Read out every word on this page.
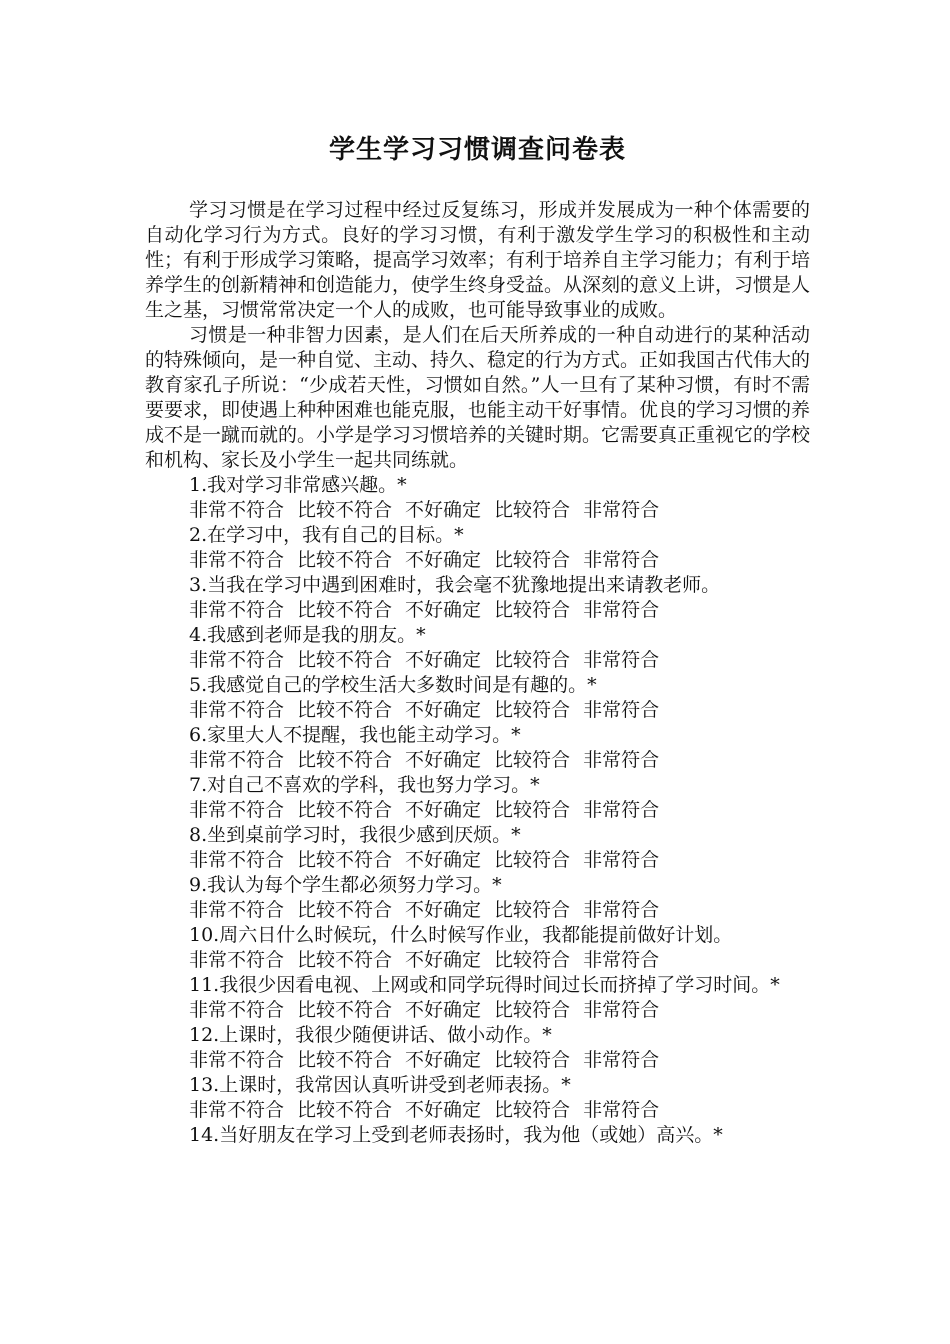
学生学习习惯调查问卷表

学习习惯是在学习过程中经过反复练习，形成并发展成为一种个体需要的自动化学习行为方式。良好的学习习惯，有利于激发学生学习的积极性和主动性；有利于形成学习策略，提高学习效率；有利于培养自主学习能力；有利于培养学生的创新精神和创造能力，使学生终身受益。从深刻的意义上讲，习惯是人生之基，习惯常常决定一个人的成败，也可能导致事业的成败。

习惯是一种非智力因素，是人们在后天所养成的一种自动进行的某种活动的特殊倾向，是一种自觉、主动、持久、稳定的行为方式。正如我国古代伟大的教育家孔子所说：“少成若天性，习惯如自然。”人一旦有了某种习惯，有时不需要要求，即使遇上种种困难也能克服，也能主动干好事情。优良的学习习惯的养成不是一蹴而就的。小学是学习习惯培养的关键时期。它需要真正重视它的学校和机构、家长及小学生一起共同练就。

1.我对学习非常感兴趣。*

非常不符合 比较不符合 不好确定 比较符合 非常符合

2.在学习中，我有自己的目标。*

非常不符合 比较不符合 不好确定 比较符合 非常符合

3.当我在学习中遇到困难时，我会毫不犹豫地提出来请教老师。

非常不符合 比较不符合 不好确定 比较符合 非常符合

4.我感到老师是我的朋友。*

非常不符合 比较不符合 不好确定 比较符合 非常符合

5.我感觉自己的学校生活大多数时间是有趣的。*

非常不符合 比较不符合 不好确定 比较符合 非常符合

6.家里大人不提醒，我也能主动学习。*

非常不符合 比较不符合 不好确定 比较符合 非常符合

7.对自己不喜欢的学科，我也努力学习。*

非常不符合 比较不符合 不好确定 比较符合 非常符合

8.坐到桌前学习时，我很少感到厌烦。*

非常不符合 比较不符合 不好确定 比较符合 非常符合

9.我认为每个学生都必须努力学习。*

非常不符合 比较不符合 不好确定 比较符合 非常符合

10.周六日什么时候玩，什么时候写作业，我都能提前做好计划。

非常不符合 比较不符合 不好确定 比较符合 非常符合

11.我很少因看电视、上网或和同学玩得时间过长而挤掉了学习时间。*

非常不符合 比较不符合 不好确定 比较符合 非常符合

12.上课时，我很少随便讲话、做小动作。*

非常不符合 比较不符合 不好确定 比较符合 非常符合

13.上课时，我常因认真听讲受到老师表扬。*

非常不符合 比较不符合 不好确定 比较符合 非常符合

14.当好朋友在学习上受到老师表扬时，我为他（或她）高兴。*
